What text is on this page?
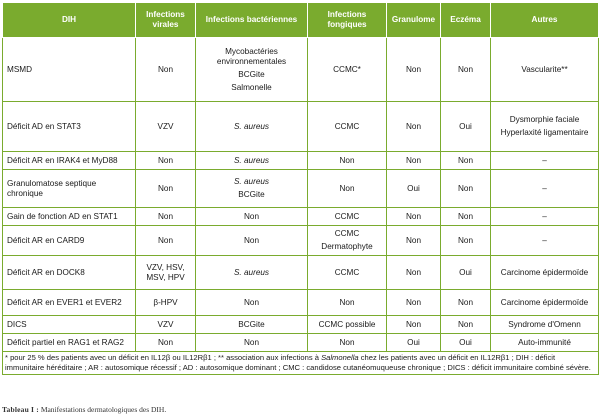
DIH	Infections virales	Infections bactériennes	Infections fongiques	Granulome	Eczéma	Autres

MSMD	Non	Mycobactéries environnementales
BCGite
Salmonelle	CCMC*	Non	Non	Vascularite**

Déficit AD en STAT3	VZV	S. aureus	CCMC	Non	Oui	Dysmorphie faciale
Hyperlaxité ligamentaire

Déficit AR en IRAK4 et MyD88	Non	S. aureus	Non	Non	Non	–

Granulomatose septique chronique	Non	S. aureus
BCGite	Non	Oui	Non	–

Gain de fonction AD en STAT1	Non	Non	CCMC	Non	Non	–

Déficit AR en CARD9	Non	Non	CCMC
Dermatophyte	Non	Non	–

Déficit AR en DOCK8	VZV, HSV, MSV, HPV	S. aureus	CCMC	Non	Oui	Carcinome épidermoïde

Déficit AR en EVER1 et EVER2	β-HPV	Non	Non	Non	Non	Carcinome épidermoïde

DICS	VZV	BCGite	CCMC possible	Non	Non	Syndrome d'Omenn

Déficit partiel en RAG1 et RAG2	Non	Non	Non	Oui	Oui	Auto-immunité

* pour 25 % des patients avec un déficit en IL12β ou IL12Rβ1 ; ** association aux infections à Salmonella chez les patients avec un déficit en IL12Rβ1 ; DIH : déficit immunitaire héréditaire ; AR : autosomique récessif ; AD : autosomique dominant ; CMC : candidose cutanéomuqueuse chronique ; DICS : déficit immunitaire combiné sévère.						
Tableau I : Manifestations dermatologiques des DIH.
